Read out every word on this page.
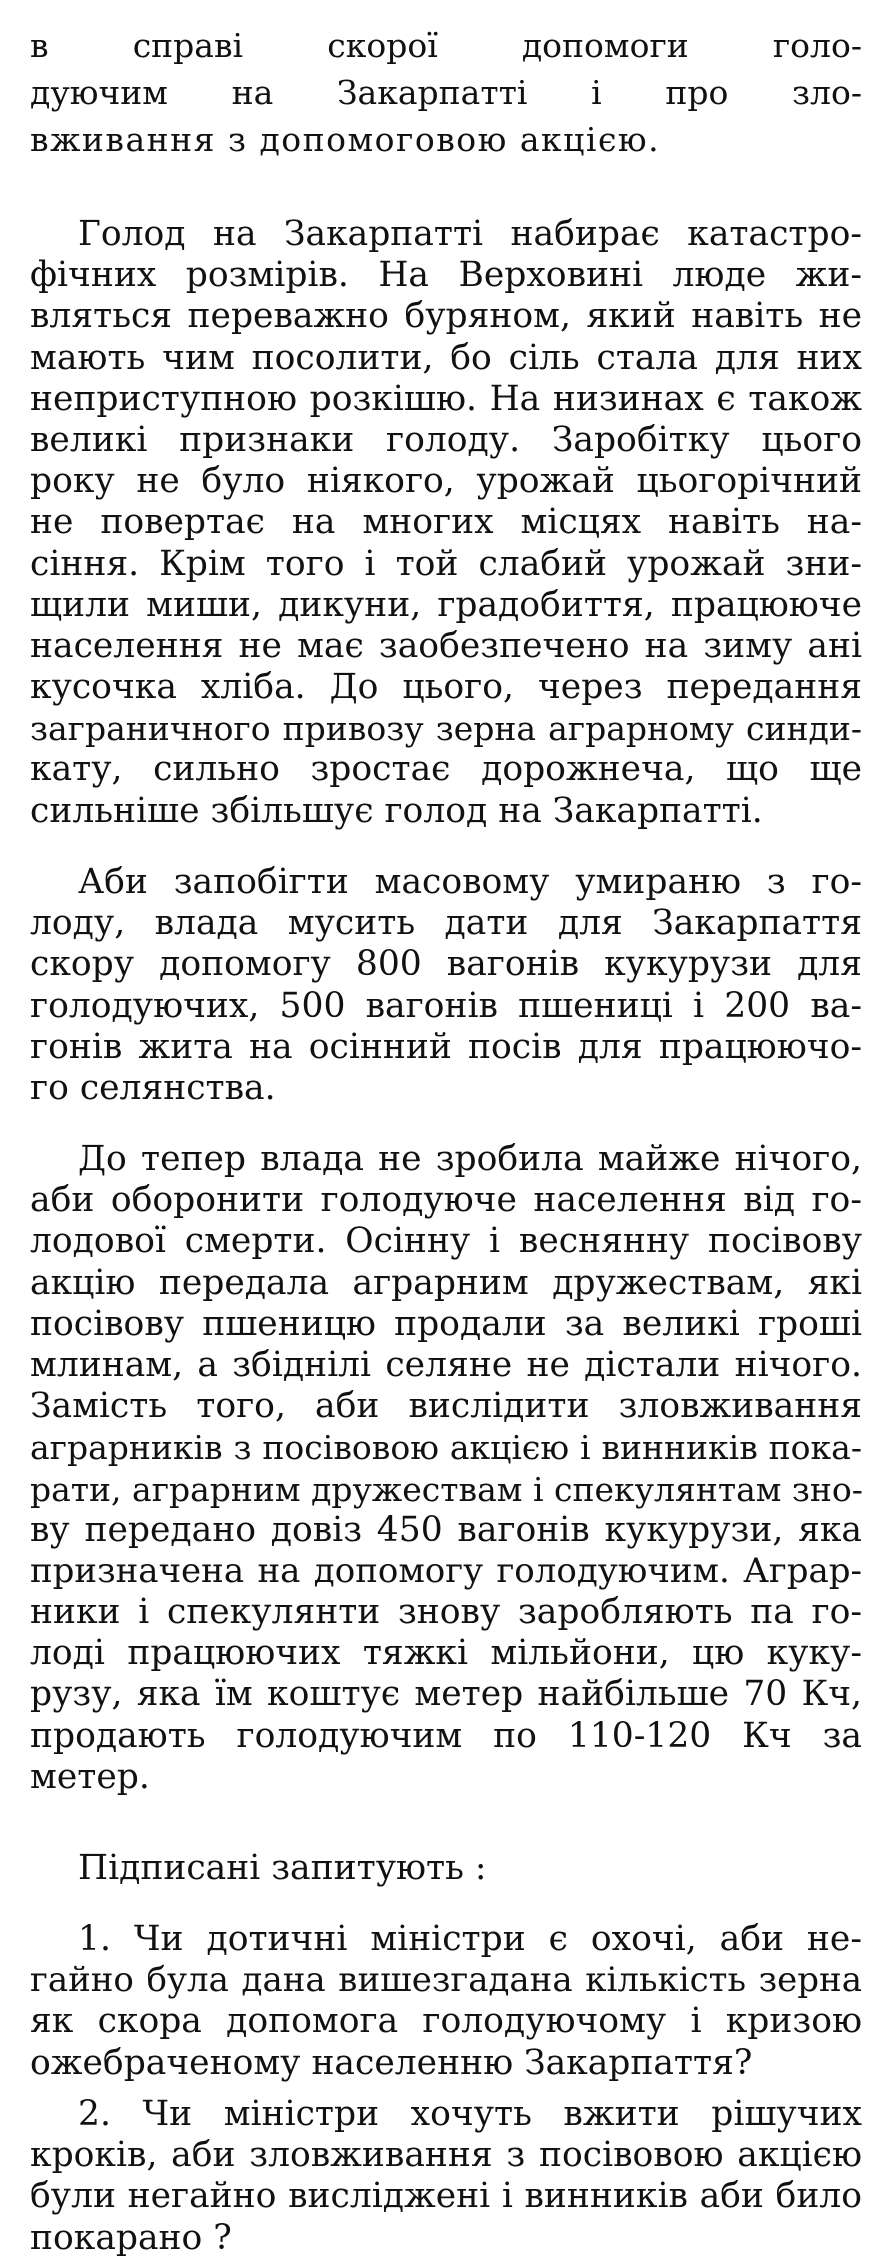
в справі скорої допомоги голо-
дуючим на Закарпатті і про зло-
вживання з допомоговою акцією.
Голод на Закарпатті набирає катастро-
фічних розмірів. На Верховині люде жи-
вляться переважно буряном, який навіть не
мають чим посолити, бо сіль стала для них
неприступною розкішю. На низинах є також
великі признаки голоду. Заробітку цього
року не було ніякого, урожай цьогорічний
не повертає на многих місцях навіть на-
сіння. Крім того і той слабий урожай зни-
щили миши, дикуни, градобиття, працююче
населення не має заобезпечено на зиму ані
кусочка хліба. До цього, через передання
заграничного привозу зерна аграрному синди-
кату, сильно зростає дорожнеча, що ще
сильніше збільшує голод на Закарпатті.
Аби запобігти масовому умираню з го-
лоду, влада мусить дати для Закарпаття
скору допомогу 800 вагонів кукурузи для
голодуючих, 500 вагонів пшениці і 200 ва-
гонів жита на осінний посів для працюючо-
го селянства.
До тепер влада не зробила майже нічого,
аби оборонити голодуюче населення від го-
лодової смерти. Осінну і веснянну посівову
акцію передала аграрним дружествам, які
посівову пшеницю продали за великі гроші
млинам, а збіднілі селяне не дістали нічого.
Замість того, аби вислідити зловживання
аграрників з посівовою акцією і винників пока-
рати, аграрним дружествам і спекулянтам зно-
ву передано довіз 450 вагонів кукурузи, яка
призначена на допомогу голодуючим. Аграр-
ники і спекулянти знову заробляють па го-
лоді працюючих тяжкі мільйони, цю куку-
рузу, яка їм коштує метер найбільше 70 Кч,
продають голодуючим по 110-120 Кч за
метер.
Підписані запитують :
1. Чи дотичні міністри є охочі, аби не-
гайно була дана вишезгадана кількість зерна
як скора допомога голодуючому і кризою
ожебраченому населенню Закарпаття?
2. Чи міністри хочуть вжити рішучих
кроків, аби зловживання з посівовою акцією
були негайно висліджені і винників аби било
покарано ?
